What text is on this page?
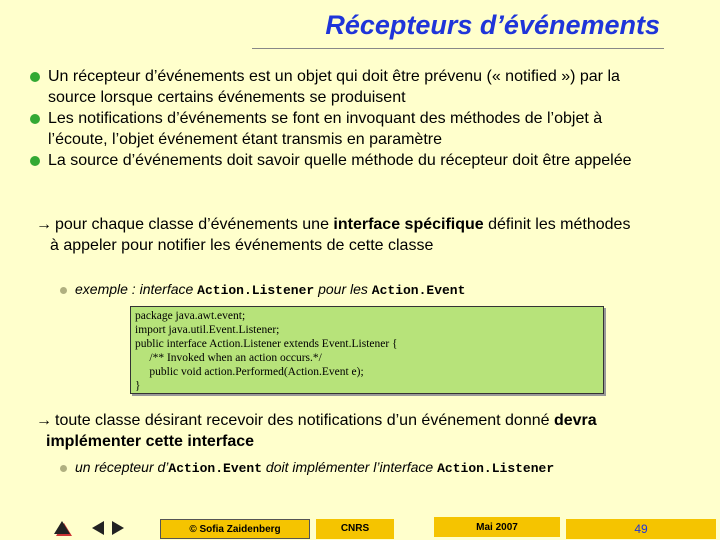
Récepteurs d’événements
Un récepteur d’événements est un objet qui doit être prévenu (« notified ») par la
source lorsque certains événements se produisent
Les notifications d’événements se font en invoquant des méthodes de l’objet à
l’écoute, l’objet événement étant transmis en paramètre
La source d’événements doit savoir quelle méthode du récepteur doit être appelée
→ pour chaque classe d’événements une interface spécifique définit les méthodes
à appeler pour notifier les événements de cette classe
exemple : interface Action.Listener pour les Action.Event
package java.awt.event;
import java.util.Event.Listener;
public interface Action.Listener extends Event.Listener {
/** Invoked when an action occurs.*/
public void action.Performed(Action.Event e);
}
→ toute classe désirant recevoir des notifications d’un événement donné devra
implémenter cette interface
un récepteur d’Action.Event doit implémenter l’interface Action.Listener
© Sofia Zaidenberg	CNRS	Mai 2007	49
